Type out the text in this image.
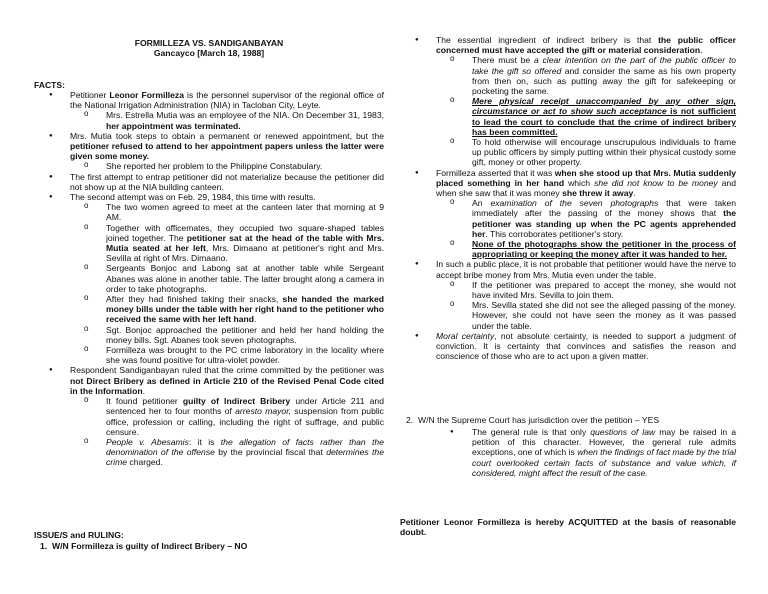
FORMILLEZA VS. SANDIGANBAYAN
Gancayco [March 18, 1988]
FACTS:
● Petitioner Leonor Formilleza is the personnel supervisor of the regional office of the National Irrigation Administration (NIA) in Tacloban City, Leyte.
o Mrs. Estrella Mutia was an employee of the NIA. On December 31, 1983, her appointment was terminated.
● Mrs. Mutia took steps to obtain a permanent or renewed appointment, but the petitioner refused to attend to her appointment papers unless the latter were given some money.
o She reported her problem to the Philippine Constabulary.
● The first attempt to entrap petitioner did not materialize because the petitioner did not show up at the NIA building canteen.
● The second attempt was on Feb. 29, 1984, this time with results.
o The two women agreed to meet at the canteen later that morning at 9 AM.
o Together with officemates, they occupied two square-shaped tables joined together. The petitioner sat at the head of the table with Mrs. Mutia seated at her left, Mrs. Dimaano at petitioner's right and Mrs. Sevilla at right of Mrs. Dimaano.
o Sergeants Bonjoc and Labong sat at another table while Sergeant Abanes was alone in another table. The latter brought along a camera in order to take photographs.
o After they had finished taking their snacks, she handed the marked money bills under the table with her right hand to the petitioner who received the same with her left hand.
o Sgt. Bonjoc approached the petitioner and held her hand holding the money bills. Sgt. Abanes took seven photographs.
o Formilleza was brought to the PC crime laboratory in the locality where she was found positive for ultra-violet powder.
● Respondent Sandiganbayan ruled that the crime committed by the petitioner was not Direct Bribery as defined in Article 210 of the Revised Penal Code cited in the Information.
o It found petitioner guilty of Indirect Bribery under Article 211 and sentenced her to four months of arresto mayor, suspension from public office, profession or calling, including the right of suffrage, and public censure.
o People v. Abesamis: it is the allegation of facts rather than the denomination of the offense by the provincial fiscal that determines the crime charged.
ISSUE/S and RULING:
1. W/N Formilleza is guilty of Indirect Bribery – NO
● The essential ingredient of indirect bribery is that the public officer concerned must have accepted the gift or material consideration.
o There must be a clear intention on the part of the public officer to take the gift so offered and consider the same as his own property from then on, such as putting away the gift for safekeeping or pocketing the same.
o Mere physical receipt unaccompanied by any other sign, circumstance or act to show such acceptance is not sufficient to lead the court to conclude that the crime of indirect bribery has been committed.
o To hold otherwise will encourage unscrupulous individuals to frame up public officers by simply putting within their physical custody some gift, money or other property.
● Formilleza asserted that it was when she stood up that Mrs. Mutia suddenly placed something in her hand which she did not know to be money and when she saw that it was money she threw it away.
o An examination of the seven photographs that were taken immediately after the passing of the money shows that the petitioner was standing up when the PC agents apprehended her. This corroborates petitioner's story.
o None of the photographs show the petitioner in the process of appropriating or keeping the money after it was handed to her.
● In such a public place, it is not probable that petitioner would have the nerve to accept bribe money from Mrs. Mutia even under the table.
o If the petitioner was prepared to accept the money, she would not have invited Mrs. Sevilla to join them.
o Mrs. Sevilla stated she did not see the alleged passing of the money. However, she could not have seen the money as it was passed under the table.
● Moral certainty, not absolute certainty, is needed to support a judgment of conviction. It is certainty that convinces and satisfies the reason and conscience of those who are to act upon a given matter.
2. W/N the Supreme Court has jurisdiction over the petition – YES
● The general rule is that only questions of law may be raised in a petition of this character. However, the general rule admits exceptions, one of which is when the findings of fact made by the trial court overlooked certain facts of substance and value which, if considered, might affect the result of the case.

Petitioner Leonor Formilleza is hereby ACQUITTED at the basis of reasonable doubt.
